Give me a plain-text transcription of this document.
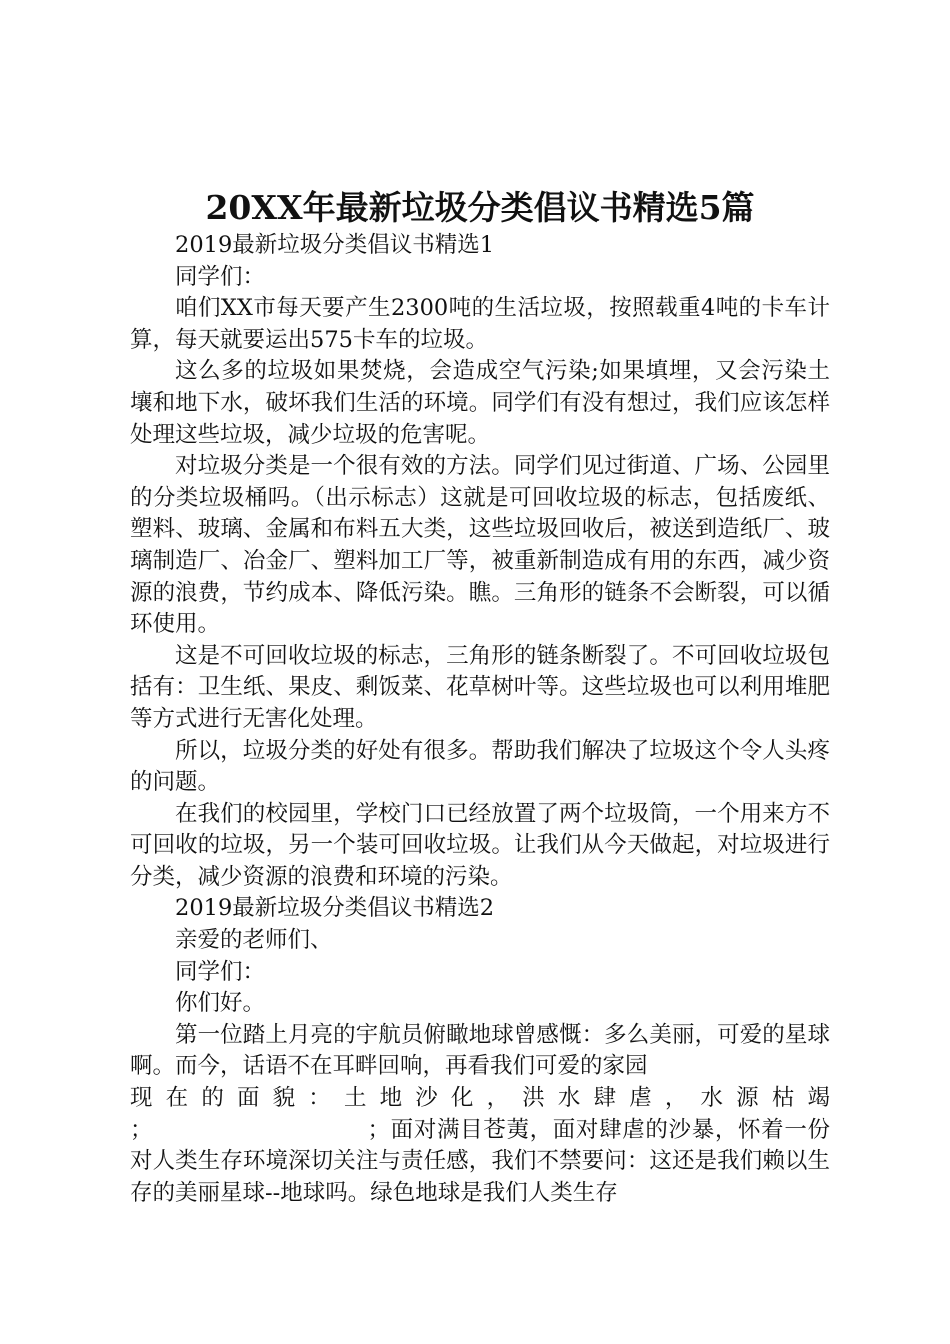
20XX年最新垃圾分类倡议书精选5篇

2019最新垃圾分类倡议书精选1

同学们：

咱们XX市每天要产生2300吨的生活垃圾，按照载重4吨的卡车计算，每天就要运出575卡车的垃圾。

这么多的垃圾如果焚烧，会造成空气污染;如果填埋，又会污染土壤和地下水，破坏我们生活的环境。同学们有没有想过，我们应该怎样处理这些垃圾，减少垃圾的危害呢。

对垃圾分类是一个很有效的方法。同学们见过街道、广场、公园里的分类垃圾桶吗。（出示标志）这就是可回收垃圾的标志，包括废纸、塑料、玻璃、金属和布料五大类，这些垃圾回收后，被送到造纸厂、玻璃制造厂、冶金厂、塑料加工厂等，被重新制造成有用的东西，减少资源的浪费，节约成本、降低污染。瞧。三角形的链条不会断裂，可以循环使用。

这是不可回收垃圾的标志，三角形的链条断裂了。不可回收垃圾包括有：卫生纸、果皮、剩饭菜、花草树叶等。这些垃圾也可以利用堆肥等方式进行无害化处理。

所以，垃圾分类的好处有很多。帮助我们解决了垃圾这个令人头疼的问题。

在我们的校园里，学校门口已经放置了两个垃圾筒，一个用来方不可回收的垃圾，另一个装可回收垃圾。让我们从今天做起，对垃圾进行分类，减少资源的浪费和环境的污染。

2019最新垃圾分类倡议书精选2

亲爱的老师们、

同学们：

你们好。

第一位踏上月亮的宇航员俯瞰地球曾感慨：多么美丽，可爱的星球啊。而今，话语不在耳畔回响，再看我们可爱的家园

现在的面貌：土地沙化，洪水肆虐，水源枯竭

；	；面对满目苍荑，面对肆虐的沙暴，怀着一份对人类生存环境深切关注与责任感，我们不禁要问：这还是我们赖以生存的美丽星球--地球吗。绿色地球是我们人类生存
